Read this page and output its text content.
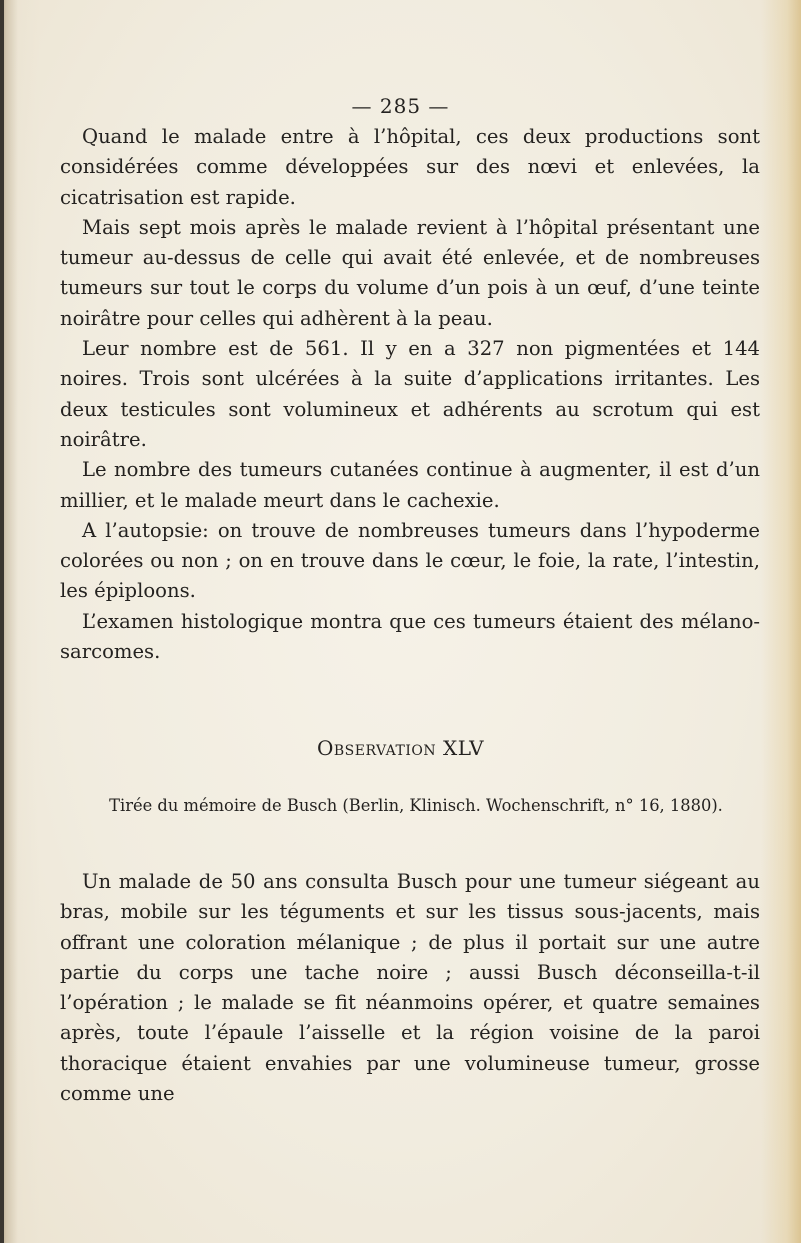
— 285 —

Quand le malade entre à l’hôpital, ces deux productions sont considérées comme développées sur des nœvi et enlevées, la cicatrisation est rapide.

Mais sept mois après le malade revient à l’hôpital présentant une tumeur au-dessus de celle qui avait été enlevée, et de nombreuses tumeurs sur tout le corps du volume d’un pois à un œuf, d’une teinte noirâtre pour celles qui adhèrent à la peau.

Leur nombre est de 561. Il y en a 327 non pigmentées et 144 noires. Trois sont ulcérées à la suite d’applications irritantes. Les deux testicules sont volumineux et adhérents au scrotum qui est noirâtre.

Le nombre des tumeurs cutanées continue à augmenter, il est d’un millier, et le malade meurt dans le cachexie.

A l’autopsie: on trouve de nombreuses tumeurs dans l’hypoderme colorées ou non ; on en trouve dans le cœur, le foie, la rate, l’intestin, les épiploons.

L’examen histologique montra que ces tumeurs étaient des mélano-sarcomes.

Observation XLV
Tirée du mémoire de Busch (Berlin, Klinisch. Wochenschrift, n° 16, 1880).

Un malade de 50 ans consulta Busch pour une tumeur siégeant au bras, mobile sur les téguments et sur les tissus sous-jacents, mais offrant une coloration mélanique ; de plus il portait sur une autre partie du corps une tache noire ; aussi Busch déconseilla-t-il l’opération ; le malade se fit néanmoins opérer, et quatre semaines après, toute l’épaule l’aisselle et la région voisine de la paroi thoracique étaient envahies par une volumineuse tumeur, grosse comme une
